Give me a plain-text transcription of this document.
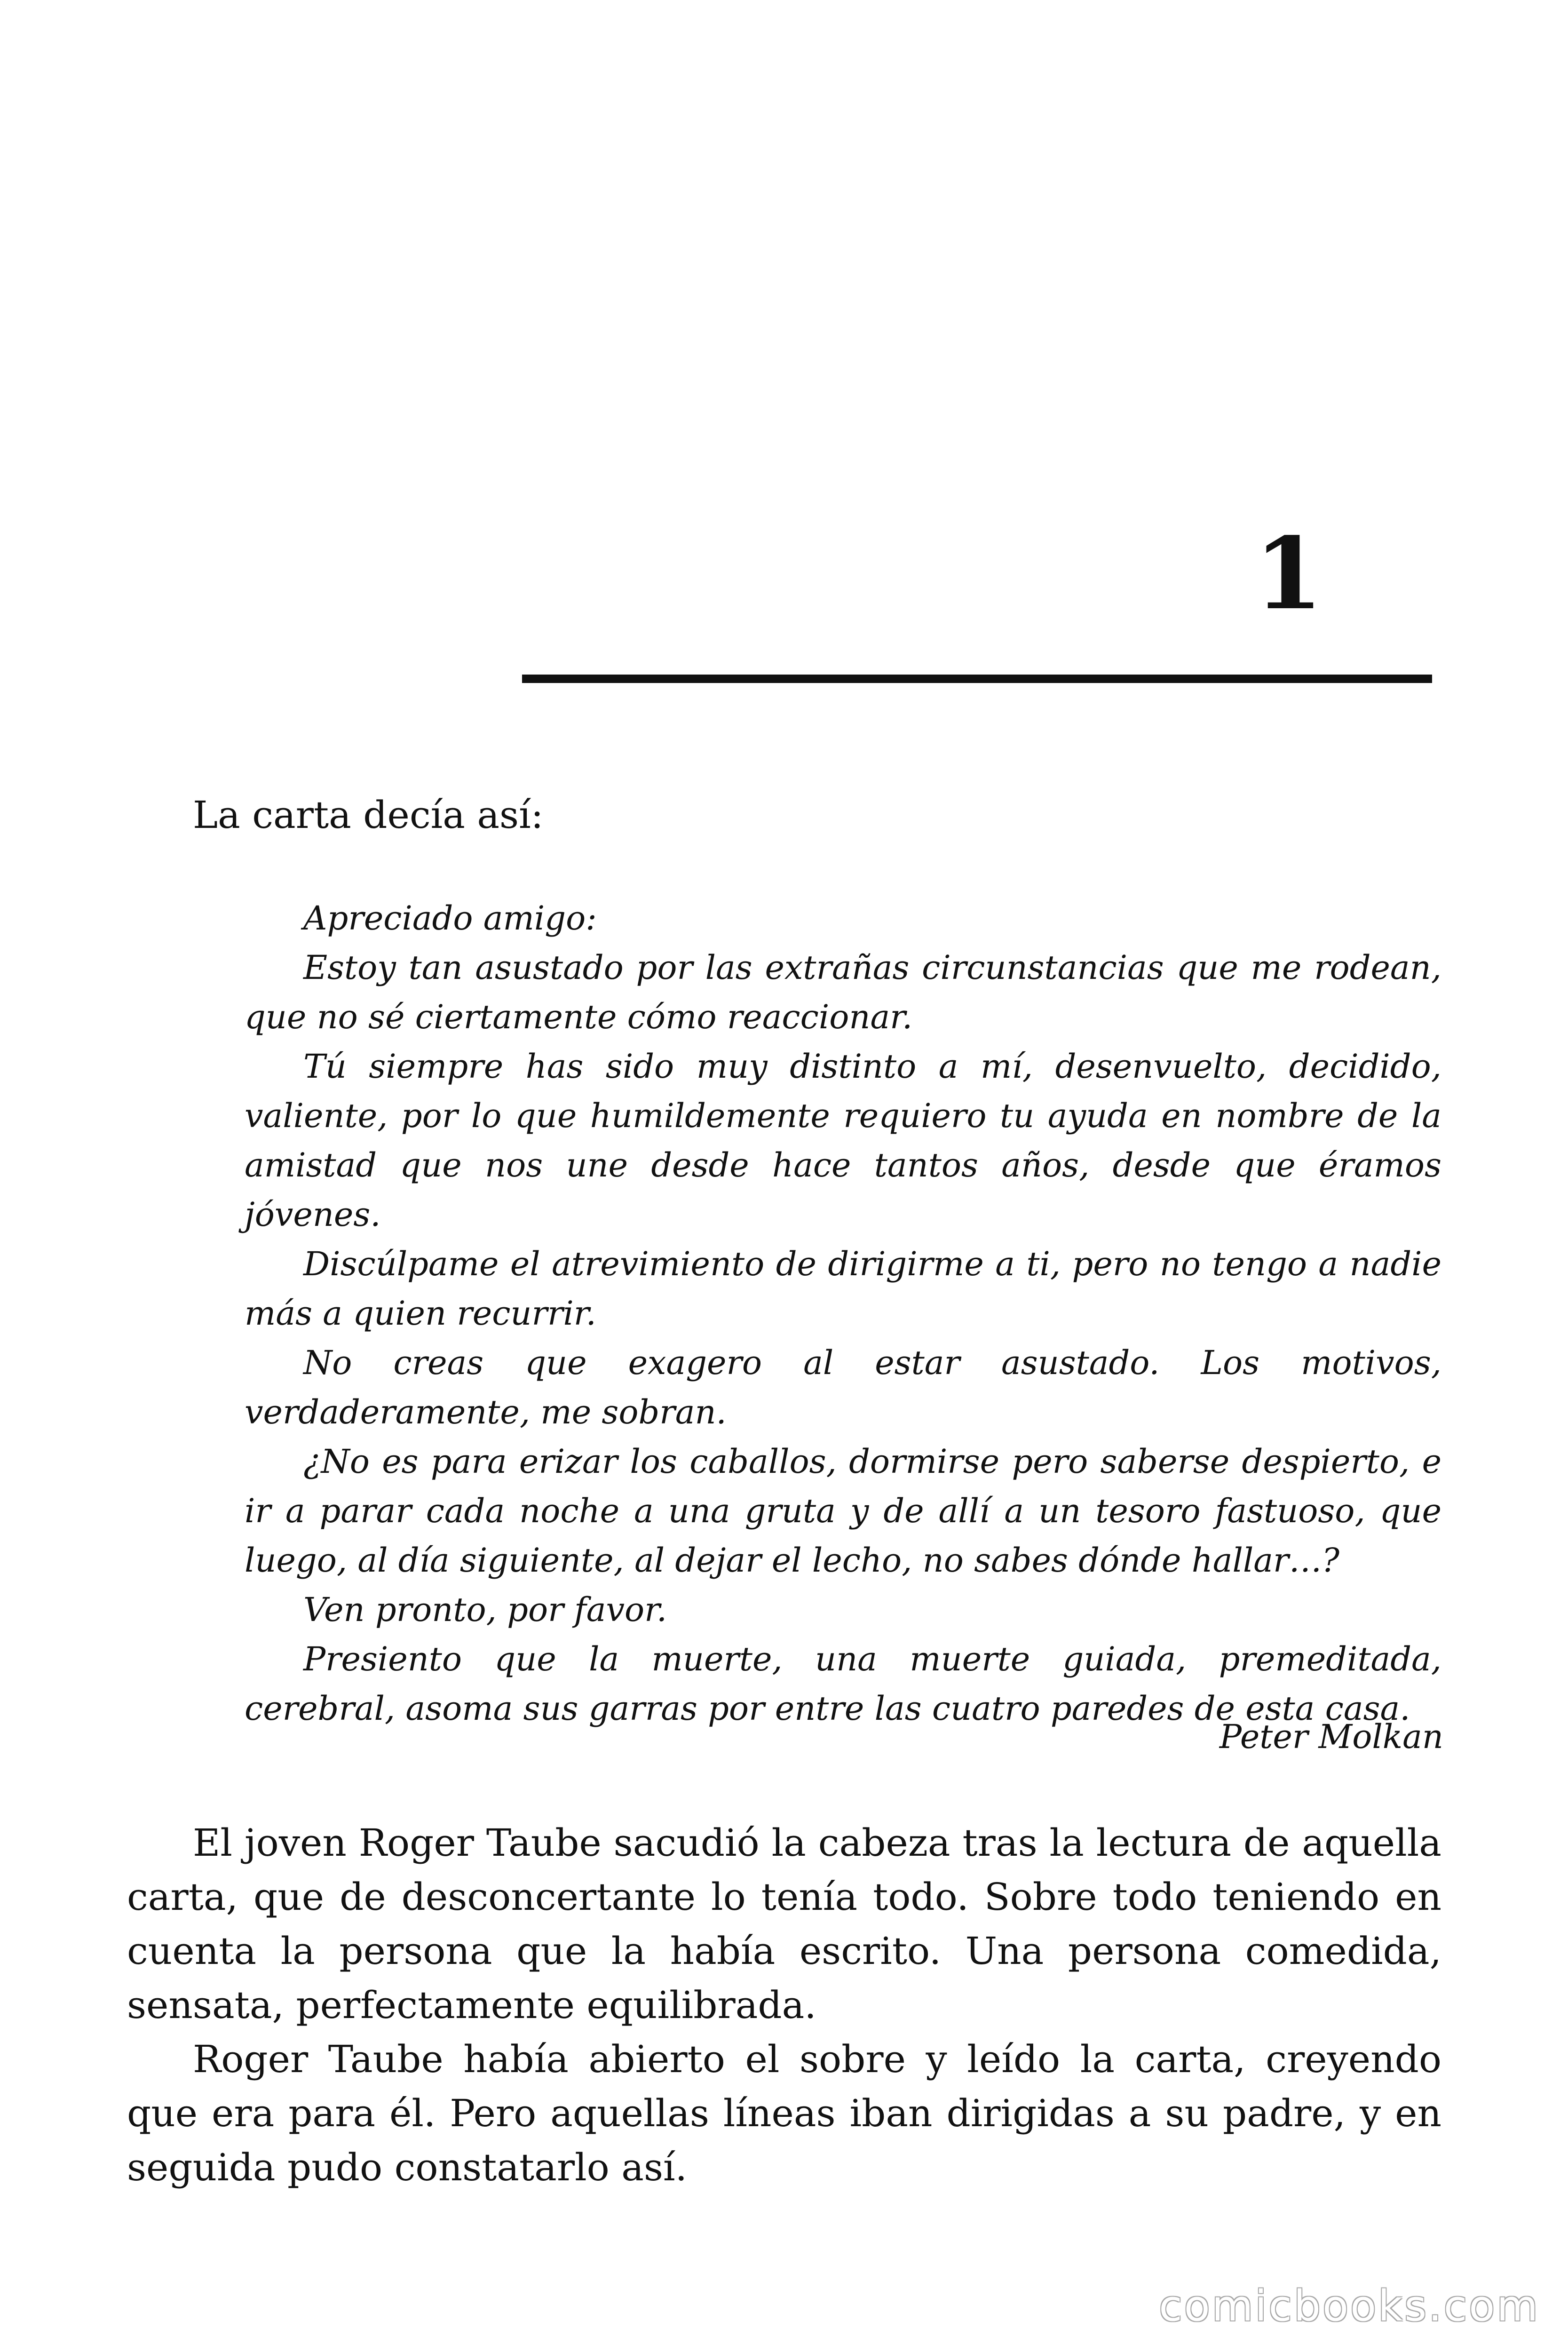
1
La carta decía así:

Apreciado amigo:

Estoy tan asustado por las extrañas circunstancias que me rodean, que no sé ciertamente cómo reaccionar.

Tú siempre has sido muy distinto a mí, desenvuelto, decidido, valiente, por lo que humildemente requiero tu ayuda en nombre de la amistad que nos une desde hace tantos años, desde que éramos jóvenes.

Discúlpame el atrevimiento de dirigirme a ti, pero no tengo a nadie más a quien recurrir.

No creas que exagero al estar asustado. Los motivos, verdaderamente, me sobran.

¿No es para erizar los caballos, dormirse pero saberse despierto, e ir a parar cada noche a una gruta y de allí a un tesoro fastuoso, que luego, al día siguiente, al dejar el lecho, no sabes dónde hallar…?

Ven pronto, por favor.

Presiento que la muerte, una muerte guiada, premeditada, cerebral, asoma sus garras por entre las cuatro paredes de esta casa.

Peter Molkan

El joven Roger Taube sacudió la cabeza tras la lectura de aquella carta, que de desconcertante lo tenía todo. Sobre todo teniendo en cuenta la persona que la había escrito. Una persona comedida, sensata, perfectamente equilibrada.

Roger Taube había abierto el sobre y leído la carta, creyendo que era para él. Pero aquellas líneas iban dirigidas a su padre, y en seguida pudo constatarlo así.

comicbooks.com
